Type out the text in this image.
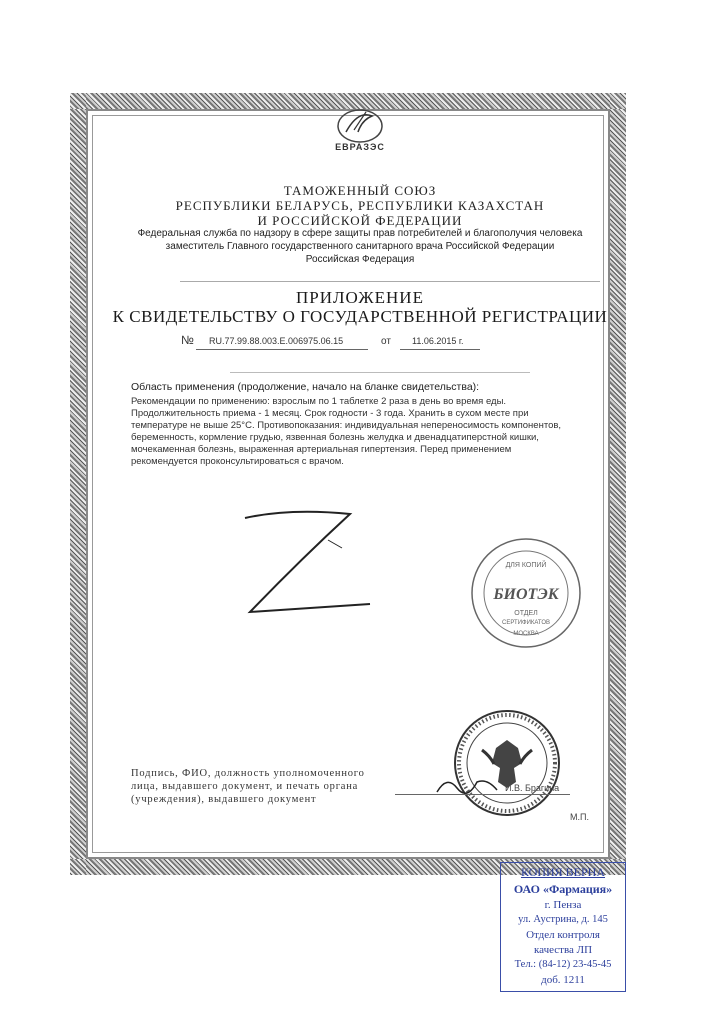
ЕВРАЗЭС
ТАМОЖЕННЫЙ СОЮЗ
РЕСПУБЛИКИ БЕЛАРУСЬ, РЕСПУБЛИКИ КАЗАХСТАН
И РОССИЙСКОЙ ФЕДЕРАЦИИ
Федеральная служба по надзору в сфере защиты прав потребителей и благополучия человека
заместитель Главного государственного санитарного врача Российской Федерации
Российская Федерация
ПРИЛОЖЕНИЕ
К СВИДЕТЕЛЬСТВУ О ГОСУДАРСТВЕННОЙ РЕГИСТРАЦИИ
№ RU.77.99.88.003.E.006975.06.15	от 11.06.2015 г.
Область применения (продолжение, начало на бланке свидетельства):
Рекомендации по применению: взрослым по 1 таблетке 2 раза в день во время еды.
Продолжительность приема - 1 месяц. Срок годности - 3 года. Хранить в сухом месте при
температуре не выше 25°С. Противопоказания: индивидуальная непереносимость компонентов,
беременность, кормление грудью, язвенная болезнь желудка и двенадцатиперстной кишки,
мочекаменная болезнь, выраженная артериальная гипертензия. Перед применением
рекомендуется проконсультироваться с врачом.
БИОТЭК
ДЛЯ КОПИЙ
ОТДЕЛ
СЕРТИФИКАТОВ
МОСКВА
Подпись, ФИО, должность уполномоченного
лица, выдавшего документ, и печать органа
(учреждения), выдавшего документ
И.В. Брагина
М.П.
КОПИЯ ВЕРНА
ОАО «Фармация»
г. Пенза
ул. Аустрина, д. 145
Отдел контроля
качества ЛП
Тел.: (84-12) 23-45-45
доб. 1211
